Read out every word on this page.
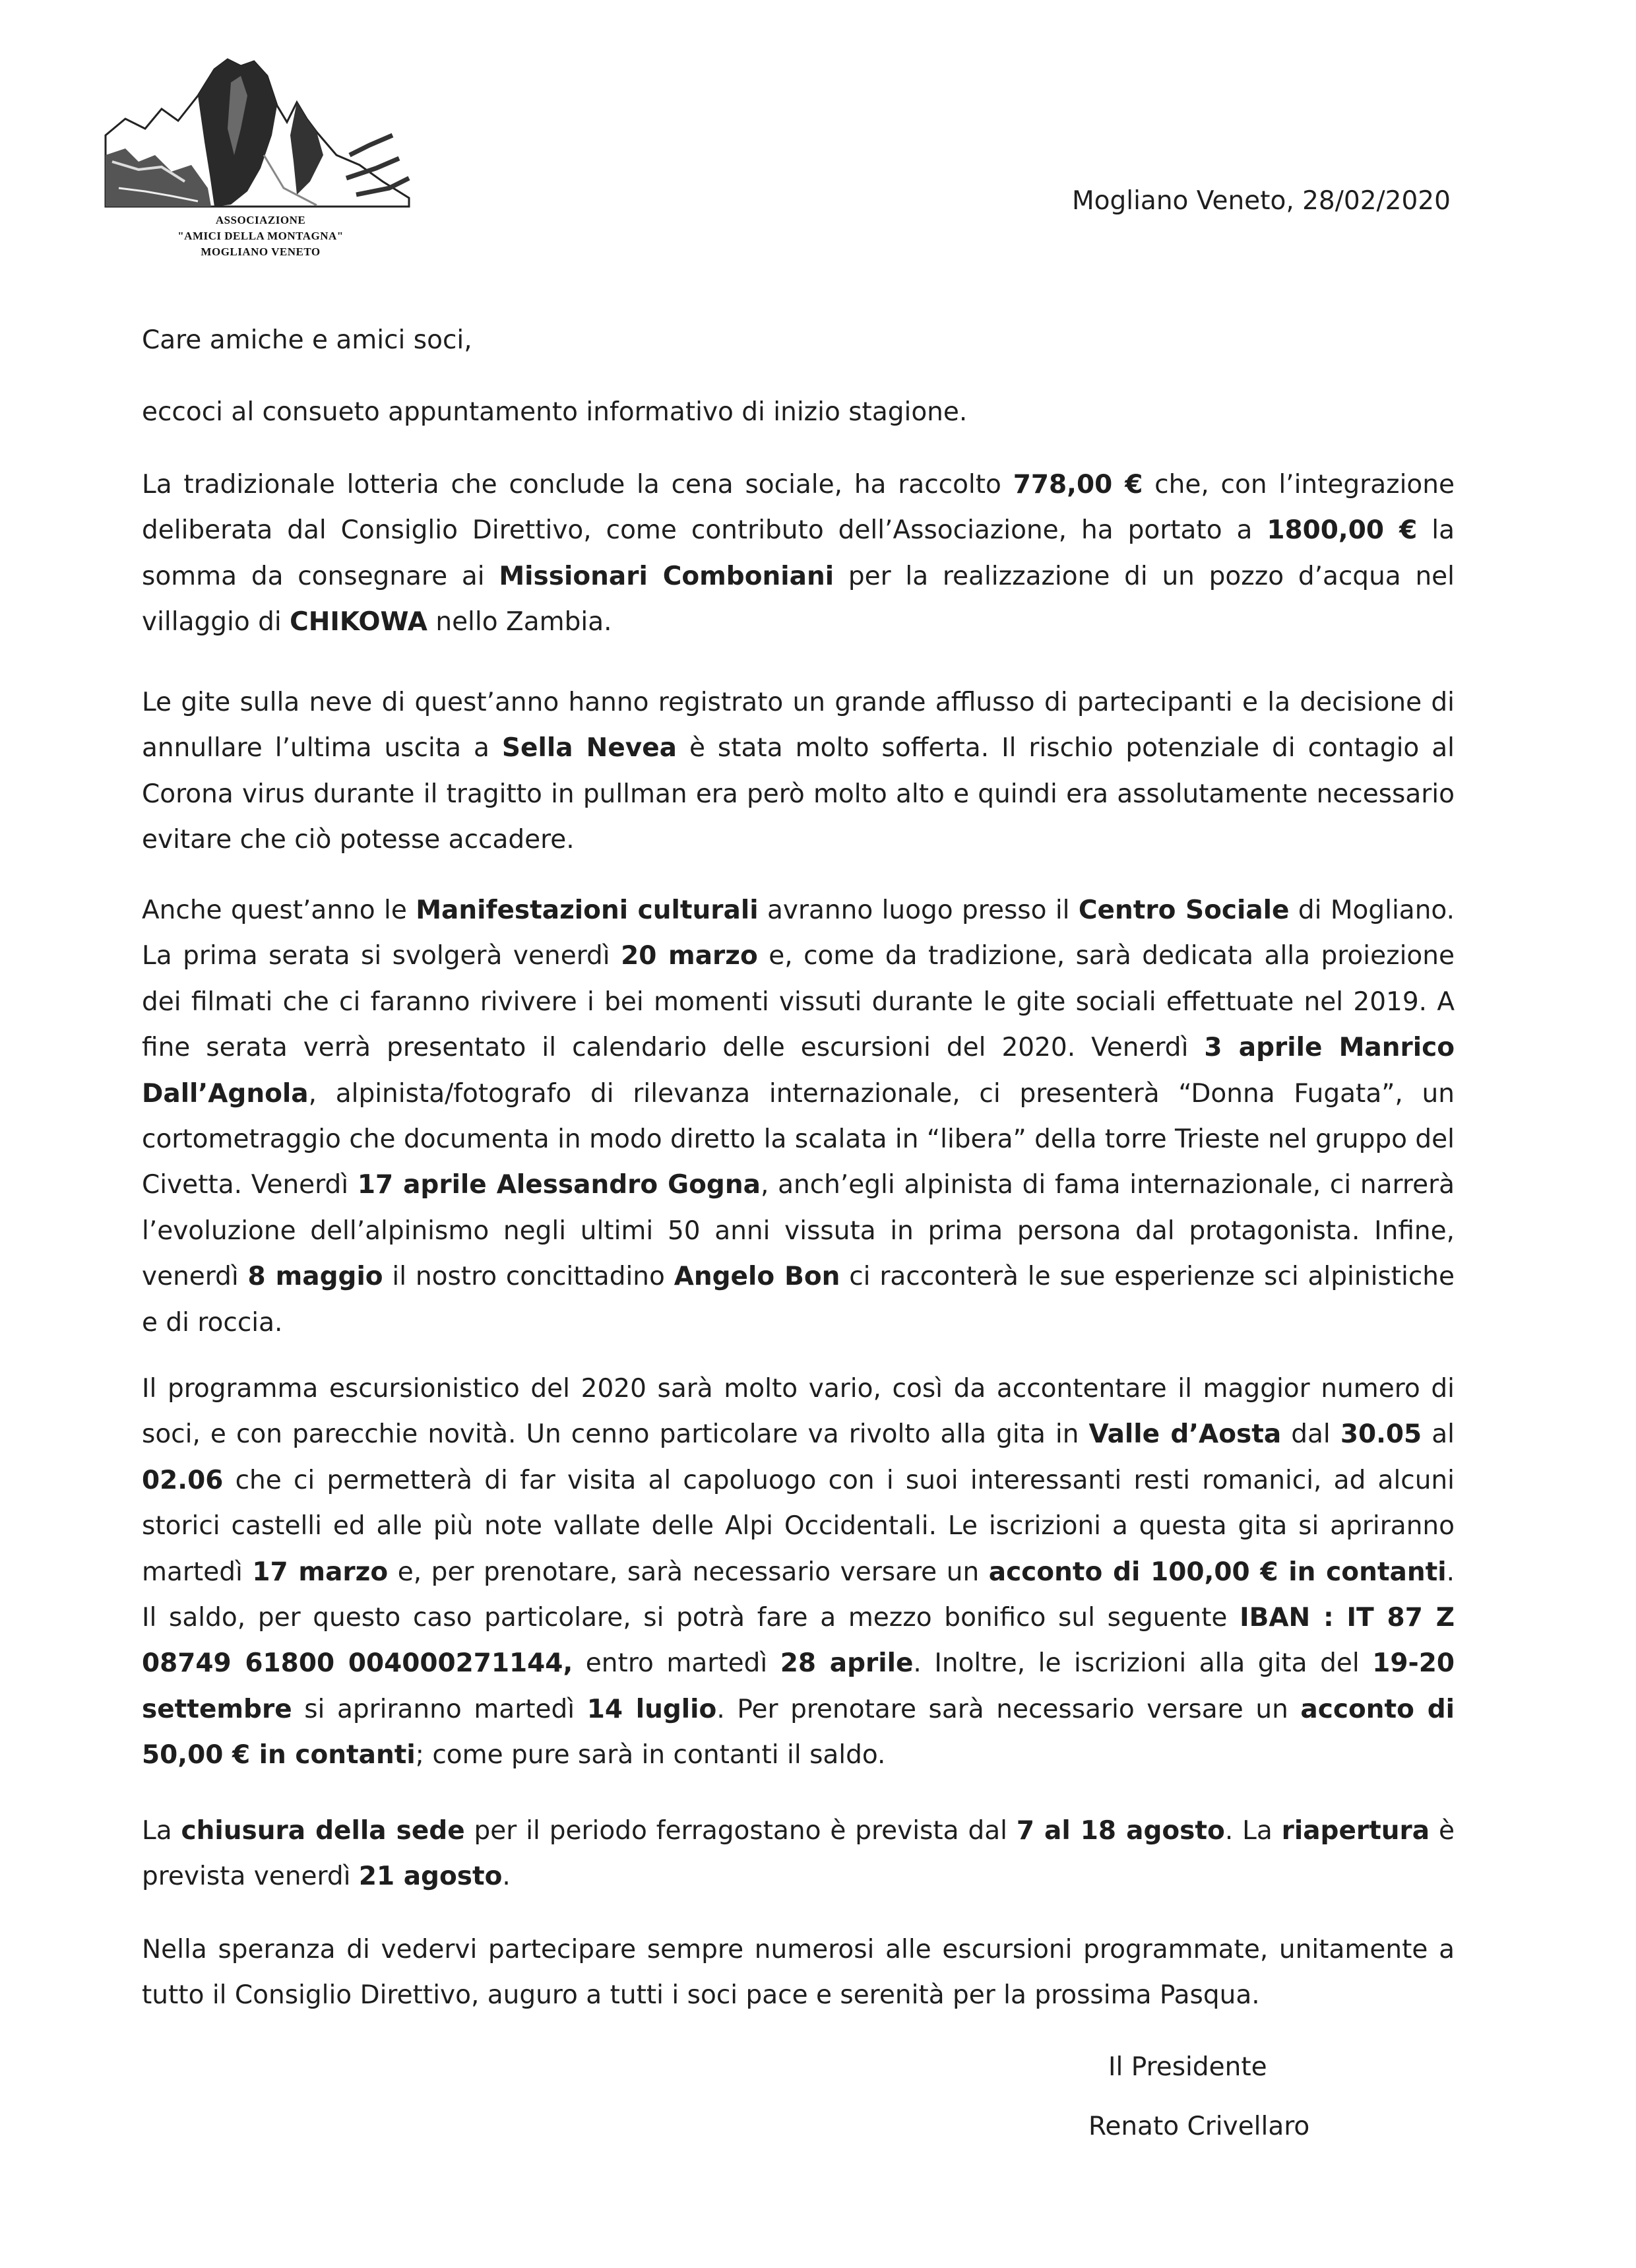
ASSOCIAZIONE
"AMICI DELLA MONTAGNA"
MOGLIANO VENETO
Mogliano Veneto, 28/02/2020

Care amiche e amici soci,

eccoci al consueto appuntamento informativo di inizio stagione.

La tradizionale lotteria che conclude la cena sociale, ha raccolto 778,00 € che, con l’integrazione deliberata dal Consiglio Direttivo, come contributo dell’Associazione, ha portato a 1800,00 € la somma da consegnare ai Missionari Comboniani per la realizzazione di un pozzo d’acqua nel villaggio di CHIKOWA nello Zambia.

Le gite sulla neve di quest’anno hanno registrato un grande afflusso di partecipanti e la decisione di annullare l’ultima uscita a Sella Nevea è stata molto sofferta. Il rischio potenziale di contagio al Corona virus durante il tragitto in pullman era però molto alto e quindi era assolutamente necessario evitare che ciò potesse accadere.

Anche quest’anno le Manifestazioni culturali avranno luogo presso il Centro Sociale di Mogliano. La prima serata si svolgerà venerdì 20 marzo e, come da tradizione, sarà dedicata alla proiezione dei filmati che ci faranno rivivere i bei momenti vissuti durante le gite sociali effettuate nel 2019. A fine serata verrà presentato il calendario delle escursioni del 2020. Venerdì 3 aprile Manrico Dall’Agnola, alpinista/fotografo di rilevanza internazionale, ci presenterà “Donna Fugata”, un cortometraggio che documenta in modo diretto la scalata in “libera” della torre Trieste nel gruppo del Civetta. Venerdì 17 aprile Alessandro Gogna, anch’egli alpinista di fama internazionale, ci narrerà l’evoluzione dell’alpinismo negli ultimi 50 anni vissuta in prima persona dal protagonista. Infine, venerdì 8 maggio il nostro concittadino Angelo Bon ci racconterà le sue esperienze sci alpinistiche e di roccia.

Il programma escursionistico del 2020 sarà molto vario, così da accontentare il maggior numero di soci, e con parecchie novità. Un cenno particolare va rivolto alla gita in Valle d’Aosta dal 30.05 al 02.06 che ci permetterà di far visita al capoluogo con i suoi interessanti resti romanici, ad alcuni storici castelli ed alle più note vallate delle Alpi Occidentali. Le iscrizioni a questa gita si apriranno martedì 17 marzo e, per prenotare, sarà necessario versare un acconto di 100,00 € in contanti. Il saldo, per questo caso particolare, si potrà fare a mezzo bonifico sul seguente IBAN : IT 87 Z 08749 61800 004000271144, entro martedì 28 aprile. Inoltre, le iscrizioni alla gita del 19-20 settembre si apriranno martedì 14 luglio. Per prenotare sarà necessario versare un acconto di 50,00 € in contanti; come pure sarà in contanti il saldo.

La chiusura della sede per il periodo ferragostano è prevista dal 7 al 18 agosto. La riapertura è prevista venerdì 21 agosto.

Nella speranza di vedervi partecipare sempre numerosi alle escursioni programmate, unitamente a tutto il Consiglio Direttivo, auguro a tutti i soci pace e serenità per la prossima Pasqua.

Il Presidente
Renato Crivellaro
